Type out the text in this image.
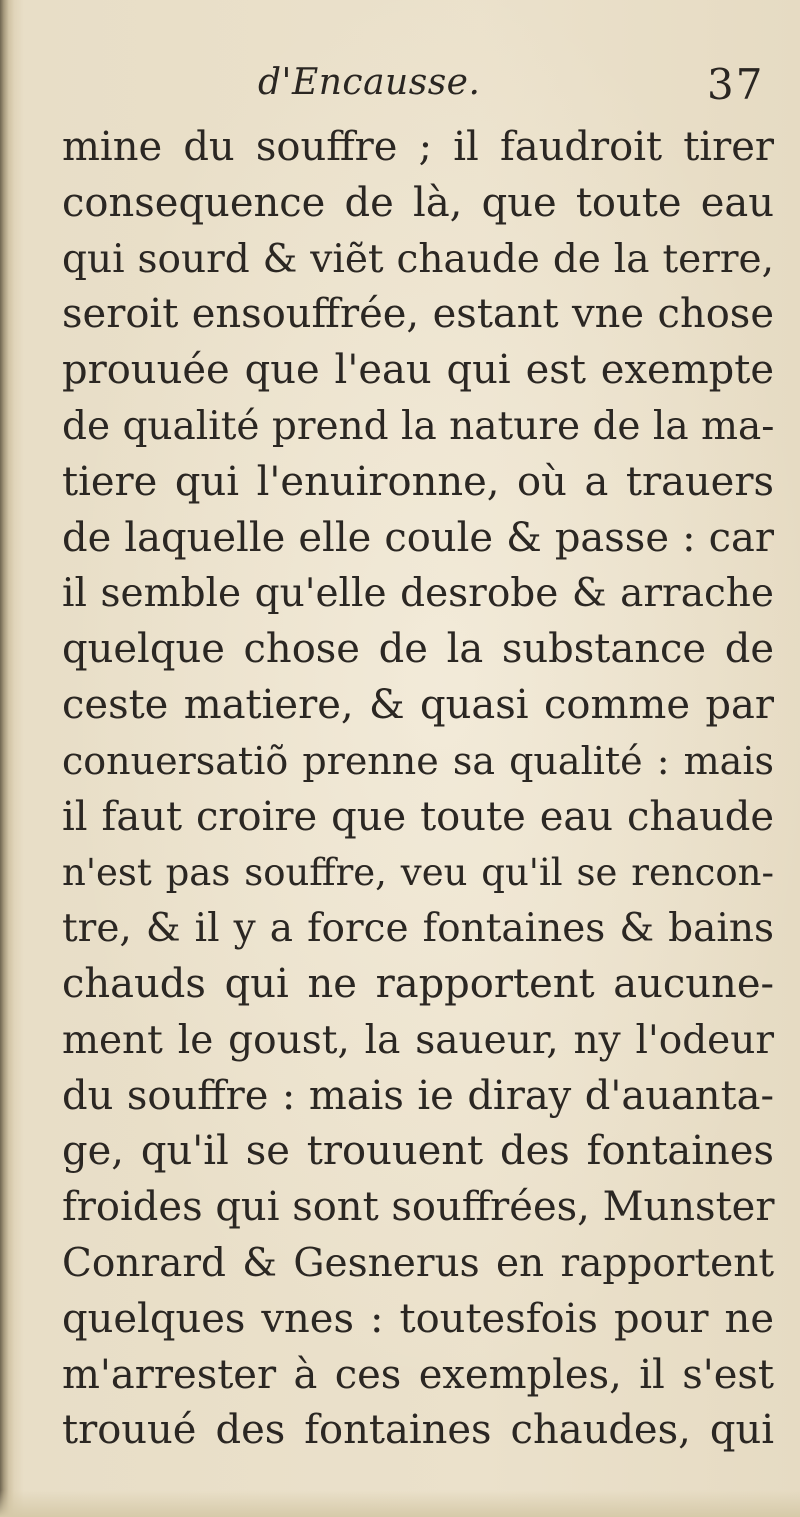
d'Encausse.	37
mine du souffre ; il faudroit tirer
consequence de là, que toute eau
qui sourd & viẽt chaude de la terre,
seroit ensouffrée, estant vne chose
prouuée que l'eau qui est exempte
de qualité prend la nature de la ma-
tiere qui l'enuironne, où a trauers
de laquelle elle coule & passe : car
il semble qu'elle desrobe & arrache
quelque chose de la substance de
ceste matiere, & quasi comme par
conuersatiõ prenne sa qualité : mais
il faut croire que toute eau chaude
n'est pas souffre, veu qu'il se rencon-
tre, & il y a force fontaines & bains
chauds qui ne rapportent aucune-
ment le goust, la saueur, ny l'odeur
du souffre : mais ie diray d'auanta-
ge, qu'il se trouuent des fontaines
froides qui sont souffrées, Munster
Conrard & Gesnerus en rapportent
quelques vnes : toutesfois pour ne
m'arrester à ces exemples, il s'est
trouué des fontaines chaudes, qui
